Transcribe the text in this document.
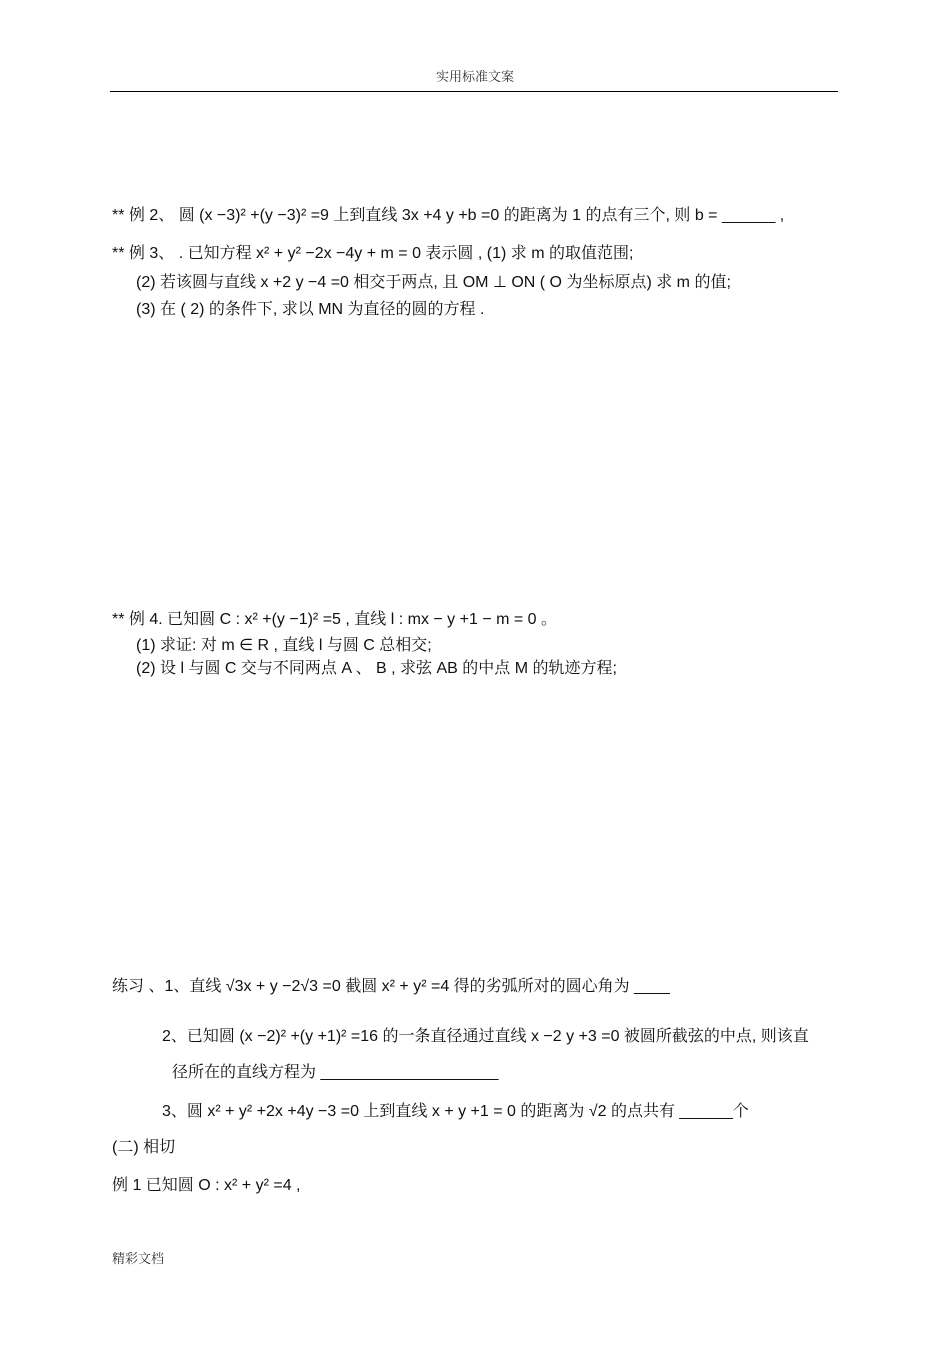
实用标准文案
** 例 2、 圆 (x −3)² +(y −3)² =9 上到直线 3x +4 y +b =0 的距离为 1 的点有三个, 则 b = ______ ,
** 例 3、 . 已知方程 x² + y² −2x −4y + m = 0 表示圆 , (1) 求 m 的取值范围;
(2) 若该圆与直线 x +2 y −4 =0 相交于两点, 且 OM ⊥ ON ( O 为坐标原点) 求 m 的值;
(3) 在 ( 2) 的条件下, 求以 MN 为直径的圆的方程 .
** 例 4. 已知圆 C : x² +(y −1)² =5 , 直线 l : mx − y +1 − m = 0 。
(1) 求证: 对 m ∈ R , 直线 l 与圆 C 总相交;
(2) 设 l 与圆 C 交与不同两点 A 、 B , 求弦 AB 的中点 M 的轨迹方程;
练习 、1、直线 √3x + y −2√3 =0 截圆 x² + y² =4 得的劣弧所对的圆心角为 ____
2、已知圆 (x −2)² +(y +1)² =16 的一条直径通过直线 x −2 y +3 =0 被圆所截弦的中点, 则该直
径所在的直线方程为 ____________________
3、圆 x² + y² +2x +4y −3 =0 上到直线 x + y +1 = 0 的距离为 √2 的点共有 ______个
(二) 相切
例 1 已知圆 O : x² + y² =4 ,
精彩文档
